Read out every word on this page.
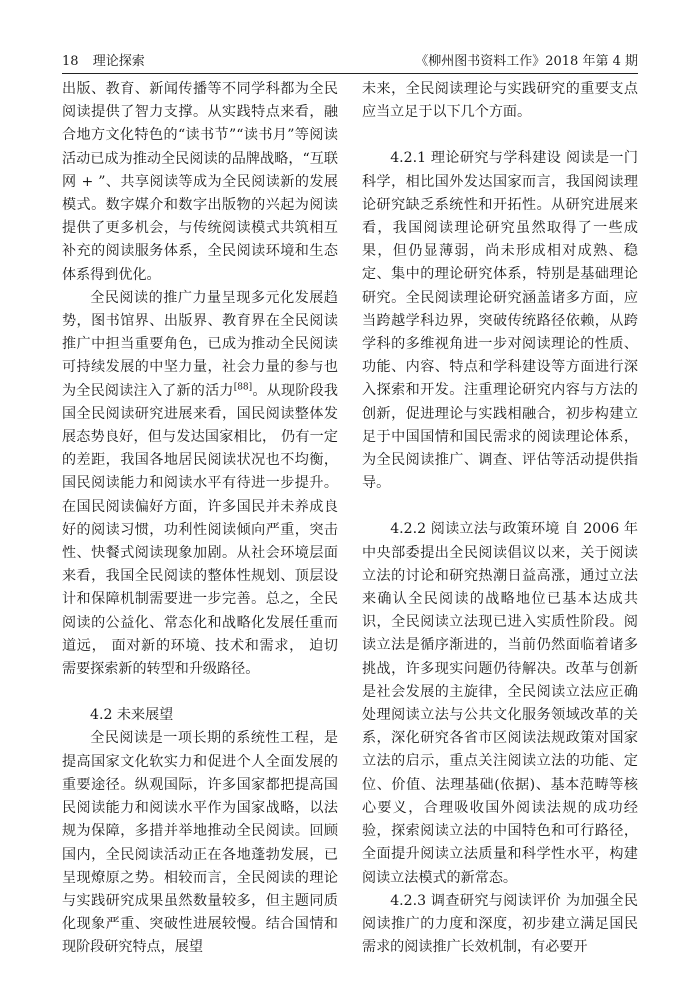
18 理论探索	《柳州图书资料工作》2018 年第 4 期

出版、教育、新闻传播等不同学科都为全民阅读提供了智力支撑。从实践特点来看，融合地方文化特色的“读书节”“读书月”等阅读活动已成为推动全民阅读的品牌战略，“互联网 + ”、共享阅读等成为全民阅读新的发展模式。数字媒介和数字出版物的兴起为阅读提供了更多机会，与传统阅读模式共筑相互补充的阅读服务体系，全民阅读环境和生态体系得到优化。

全民阅读的推广力量呈现多元化发展趋势，图书馆界、出版界、教育界在全民阅读推广中担当重要角色，已成为推动全民阅读可持续发展的中坚力量，社会力量的参与也为全民阅读注入了新的活力[88]。从现阶段我国全民阅读研究进展来看，国民阅读整体发展态势良好，但与发达国家相比， 仍有一定的差距，我国各地居民阅读状况也不均衡， 国民阅读能力和阅读水平有待进一步提升。在国民阅读偏好方面，许多国民并未养成良好的阅读习惯，功利性阅读倾向严重，突击性、快餐式阅读现象加剧。从社会环境层面来看，我国全民阅读的整体性规划、顶层设计和保障机制需要进一步完善。总之，全民阅读的公益化、常态化和战略化发展任重而道远， 面对新的环境、技术和需求， 迫切需要探索新的转型和升级路径。

4.2 未来展望

全民阅读是一项长期的系统性工程，是提高国家文化软实力和促进个人全面发展的重要途径。纵观国际，许多国家都把提高国民阅读能力和阅读水平作为国家战略，以法规为保障，多措并举地推动全民阅读。回顾国内，全民阅读活动正在各地蓬勃发展，已呈现燎原之势。相较而言，全民阅读的理论与实践研究成果虽然数量较多，但主题同质化现象严重、突破性进展较慢。结合国情和现阶段研究特点，展望

未来，全民阅读理论与实践研究的重要支点应当立足于以下几个方面。

4.2.1 理论研究与学科建设 阅读是一门科学，相比国外发达国家而言，我国阅读理论研究缺乏系统性和开拓性。从研究进展来看，我国阅读理论研究虽然取得了一些成果，但仍显薄弱，尚未形成相对成熟、稳定、集中的理论研究体系，特别是基础理论研究。全民阅读理论研究涵盖诸多方面，应当跨越学科边界，突破传统路径依赖，从跨学科的多维视角进一步对阅读理论的性质、功能、内容、特点和学科建设等方面进行深入探索和开发。注重理论研究内容与方法的创新，促进理论与实践相融合，初步构建立足于中国国情和国民需求的阅读理论体系，为全民阅读推广、调查、评估等活动提供指导。

4.2.2 阅读立法与政策环境 自 2006 年中央部委提出全民阅读倡议以来，关于阅读立法的讨论和研究热潮日益高涨，通过立法来确认全民阅读的战略地位已基本达成共识，全民阅读立法现已进入实质性阶段。阅读立法是循序渐进的，当前仍然面临着诸多挑战，许多现实问题仍待解决。改革与创新是社会发展的主旋律，全民阅读立法应正确处理阅读立法与公共文化服务领域改革的关系，深化研究各省市区阅读法规政策对国家立法的启示，重点关注阅读立法的功能、定位、价值、法理基础(依据)、基本范畴等核心要义，合理吸收国外阅读法规的成功经验，探索阅读立法的中国特色和可行路径，全面提升阅读立法质量和科学性水平，构建阅读立法模式的新常态。

4.2.3 调查研究与阅读评价 为加强全民阅读推广的力度和深度，初步建立满足国民需求的阅读推广长效机制，有必要开
